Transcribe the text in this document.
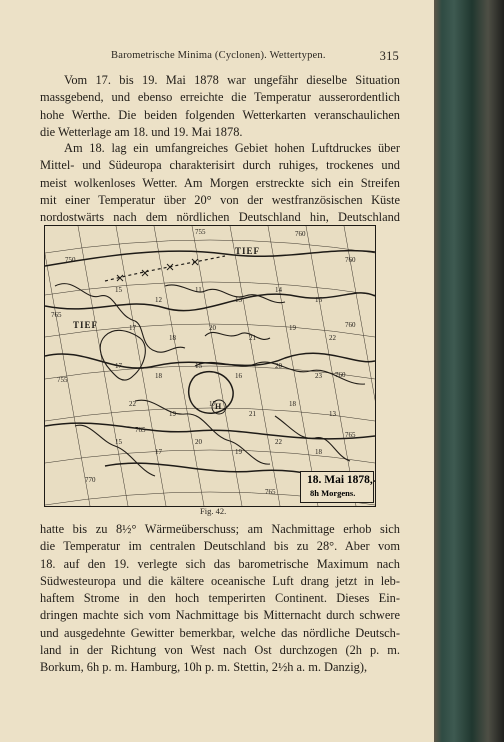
Barometrische Minima (Cyclonen). Wettertypen.	315
Vom 17. bis 19. Mai 1878 war ungefähr dieselbe Situation
massgebend, und ebenso erreichte die Temperatur ausserordentlich
hohe Werthe. Die beiden folgenden Wetterkarten veranschaulichen
die Wetterlage am 18. und 19. Mai 1878.
Am 18. lag ein umfangreiches Gebiet hohen Luftdruckes über
Mittel- und Südeuropa charakterisirt durch ruhiges, trockenes und
meist wolkenloses Wetter. Am Morgen erstreckte sich ein Streifen
mit einer Temperatur über 20° von der westfranzösischen Küste
nordostwärts nach dem nördlichen Deutschland hin, Deutschland
TIEF
TIEF
H
18. Mai 1878,
8h Morgens.
750
755
760
765
760
755
760
765
770
765
765
760
15
12
11
13
14
16
17
18
20
21
19
22
17
18
15
16
20
23
22
19
17
21
18
13
15
17
20
19
22
18
Fig. 42.
hatte bis zu 8½° Wärmeüberschuss; am Nachmittage erhob sich
die Temperatur im centralen Deutschland bis zu 28°. Aber vom
18. auf den 19. verlegte sich das barometrische Maximum nach
Südwesteuropa und die kältere oceanische Luft drang jetzt in leb-
haftem Strome in den hoch temperirten Continent. Dieses Ein-
dringen machte sich vom Nachmittage bis Mitternacht durch schwere
und ausgedehnte Gewitter bemerkbar, welche das nördliche Deutsch-
land in der Richtung von West nach Ost durchzogen (2h p. m.
Borkum, 6h p. m. Hamburg, 10h p. m. Stettin, 2½h a. m. Danzig),
